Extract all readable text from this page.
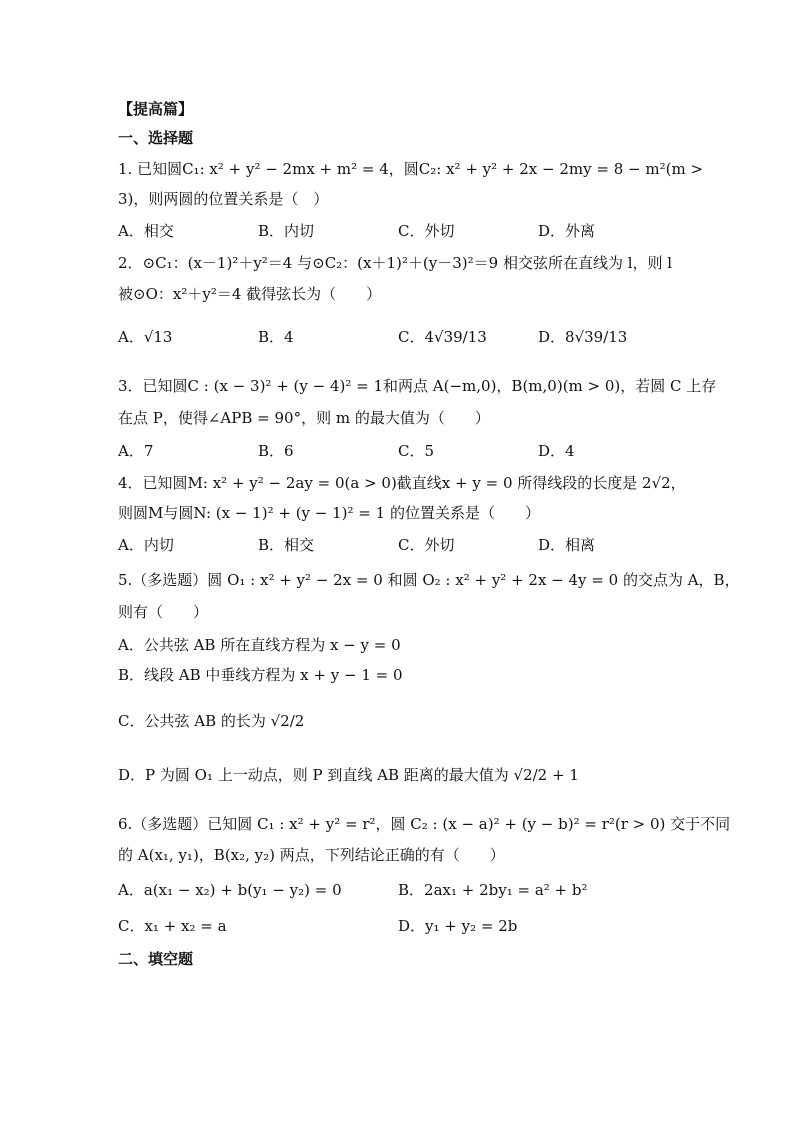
【提高篇】
一、选择题
1. 已知圆C₁: x² + y² − 2mx + m² = 4，圆C₂: x² + y² + 2x − 2my = 8 − m²(m >
3)，则两圆的位置关系是（　）
A．相交	B．内切	C．外切	D．外离
2．⊙C₁：(x－1)²＋y²＝4 与⊙C₂：(x＋1)²＋(y－3)²＝9 相交弦所在直线为 l，则 l
被⊙O：x²＋y²＝4 截得弦长为（　　）
A．√13	B．4	C．4√39/13	D．8√39/13
3．已知圆C : (x − 3)² + (y − 4)² = 1和两点 A(−m,0)，B(m,0)(m > 0)，若圆 C 上存
在点 P，使得∠APB = 90°，则 m 的最大值为（　　）
A．7	B．6	C．5	D．4
4．已知圆M: x² + y² − 2ay = 0(a > 0)截直线x + y = 0 所得线段的长度是 2√2，
则圆M与圆N: (x − 1)² + (y − 1)² = 1 的位置关系是（　　）
A．内切	B．相交	C．外切	D．相离
5.（多选题）圆 O₁ : x² + y² − 2x = 0 和圆 O₂ : x² + y² + 2x − 4y = 0 的交点为 A，B，
则有（　　）
A．公共弦 AB 所在直线方程为 x − y = 0
B．线段 AB 中垂线方程为 x + y − 1 = 0
C．公共弦 AB 的长为 √2/2
D．P 为圆 O₁ 上一动点，则 P 到直线 AB 距离的最大值为 √2/2 + 1
6.（多选题）已知圆 C₁ : x² + y² = r²，圆 C₂ : (x − a)² + (y − b)² = r²(r > 0) 交于不同
的 A(x₁, y₁)，B(x₂, y₂) 两点，下列结论正确的有（　　）
A．a(x₁ − x₂) + b(y₁ − y₂) = 0	B．2ax₁ + 2by₁ = a² + b²
C．x₁ + x₂ = a	D．y₁ + y₂ = 2b
二、填空题
